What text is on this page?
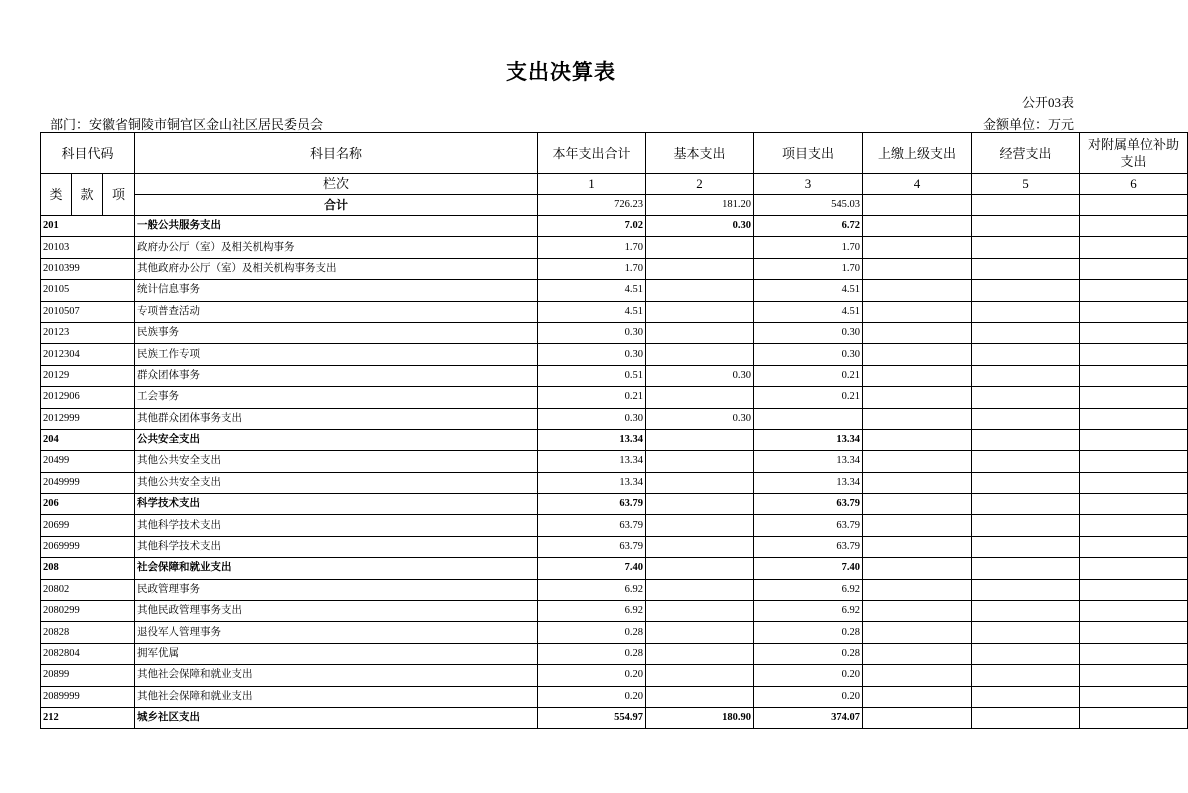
支出决算表
公开03表
部门：安徽省铜陵市铜官区金山社区居民委员会	金额单位：万元
科目代码			科目名称	本年支出合计	基本支出	项目支出	上缴上级支出	经营支出	对附属单位补助支出
类	款	项	栏次	1	2	3	4	5	6
			合计	726.23	181.20	545.03			
201			一般公共服务支出	7.02	0.30	6.72			
20103			政府办公厅（室）及相关机构事务	1.70		1.70			
2010399			其他政府办公厅（室）及相关机构事务支出	1.70		1.70			
20105			统计信息事务	4.51		4.51			
2010507			专项普查活动	4.51		4.51			
20123			民族事务	0.30		0.30			
2012304			民族工作专项	0.30		0.30			
20129			群众团体事务	0.51	0.30	0.21			
2012906			工会事务	0.21		0.21			
2012999			其他群众团体事务支出	0.30	0.30				
204			公共安全支出	13.34		13.34			
20499			其他公共安全支出	13.34		13.34			
2049999			其他公共安全支出	13.34		13.34			
206			科学技术支出	63.79		63.79			
20699			其他科学技术支出	63.79		63.79			
2069999			其他科学技术支出	63.79		63.79			
208			社会保障和就业支出	7.40		7.40			
20802			民政管理事务	6.92		6.92			
2080299			其他民政管理事务支出	6.92		6.92			
20828			退役军人管理事务	0.28		0.28			
2082804			拥军优属	0.28		0.28			
20899			其他社会保障和就业支出	0.20		0.20			
2089999			其他社会保障和就业支出	0.20		0.20			
212			城乡社区支出	554.97	180.90	374.07			
